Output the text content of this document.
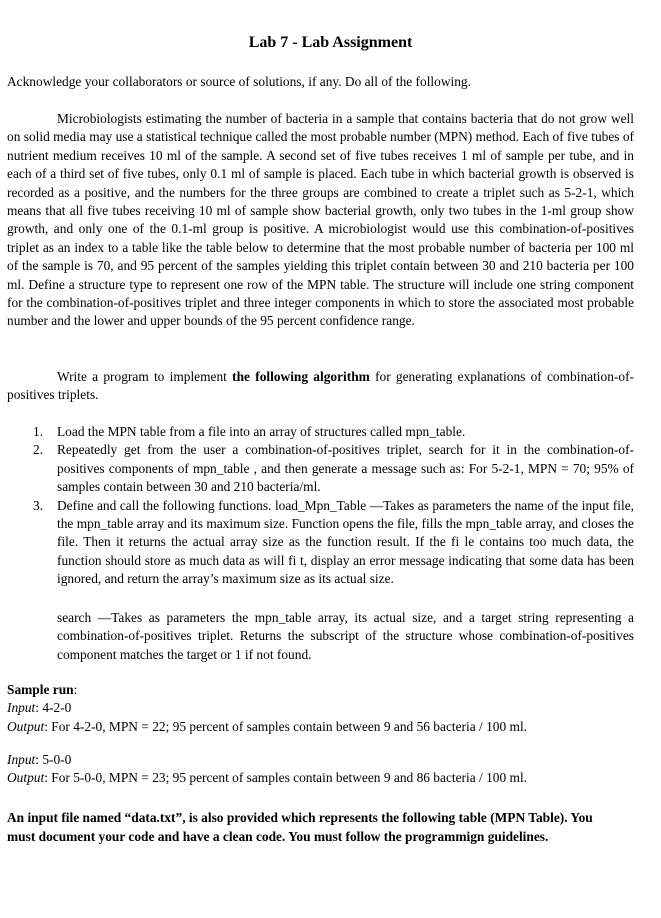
Lab 7 - Lab Assignment

Acknowledge your collaborators or source of solutions, if any. Do all of the following.

Microbiologists estimating the number of bacteria in a sample that contains bacteria that do not grow well on solid media may use a statistical technique called the most probable number (MPN) method. Each of five tubes of nutrient medium receives 10 ml of the sample. A second set of five tubes receives 1 ml of sample per tube, and in each of a third set of five tubes, only 0.1 ml of sample is placed. Each tube in which bacterial growth is observed is recorded as a positive, and the numbers for the three groups are combined to create a triplet such as 5-2-1, which means that all five tubes receiving 10 ml of sample show bacterial growth, only two tubes in the 1-ml group show growth, and only one of the 0.1-ml group is positive. A microbiologist would use this combination-of-positives triplet as an index to a table like the table below to determine that the most probable number of bacteria per 100 ml of the sample is 70, and 95 percent of the samples yielding this triplet contain between 30 and 210 bacteria per 100 ml. Define a structure type to represent one row of the MPN table. The structure will include one string component for the combination-of-positives triplet and three integer components in which to store the associated most probable number and the lower and upper bounds of the 95 percent confidence range.

Write a program to implement the following algorithm for generating explanations of combination-of-positives triplets.

1. Load the MPN table from a file into an array of structures called mpn_table.
2. Repeatedly get from the user a combination-of-positives triplet, search for it in the combination-of-positives components of mpn_table , and then generate a message such as: For 5-2-1, MPN = 70; 95% of samples contain between 30 and 210 bacteria/ml.
3. Define and call the following functions. load_Mpn_Table —Takes as parameters the name of the input file, the mpn_table array and its maximum size. Function opens the file, fills the mpn_table array, and closes the file. Then it returns the actual array size as the function result. If the fi le contains too much data, the function should store as much data as will fi t, display an error message indicating that some data has been ignored, and return the array’s maximum size as its actual size.

search —Takes as parameters the mpn_table array, its actual size, and a target string representing a combination-of-positives triplet. Returns the subscript of the structure whose combination-of-positives component matches the target or 1 if not found.

Sample run:
Input: 4-2-0
Output: For 4-2-0, MPN = 22; 95 percent of samples contain between 9 and 56 bacteria / 100 ml.
Input: 5-0-0
Output: For 5-0-0, MPN = 23; 95 percent of samples contain between 9 and 86 bacteria / 100 ml.

An input file named “data.txt”, is also provided which represents the following table (MPN Table). You must document your code and have a clean code. You must follow the programmign guidelines.
